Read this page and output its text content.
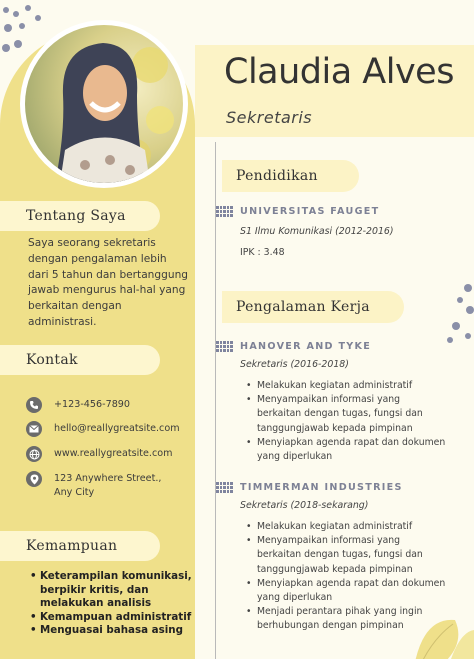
Claudia Alves
Sekretaris
Tentang Saya
Saya seorang sekretaris dengan pengalaman lebih dari 5 tahun dan bertanggung jawab mengurus hal-hal yang berkaitan dengan administrasi.
Kontak
+123-456-7890
hello@reallygreatsite.com
www.reallygreatsite.com
123 Anywhere Street., Any City
Kemampuan
• Keterampilan komunikasi, berpikir kritis, dan melakukan analisis
• Kemampuan administratif
• Menguasai bahasa asing
Pendidikan
UNIVERSITAS FAUGET
S1 Ilmu Komunikasi (2012-2016)
IPK : 3.48
Pengalaman Kerja
HANOVER AND TYKE
Sekretaris (2016-2018)
• Melakukan kegiatan administratif
• Menyampaikan informasi yang berkaitan dengan tugas, fungsi dan tanggungjawab kepada pimpinan
• Menyiapkan agenda rapat dan dokumen yang diperlukan
TIMMERMAN INDUSTRIES
Sekretaris (2018-sekarang)
• Melakukan kegiatan administratif
• Menyampaikan informasi yang berkaitan dengan tugas, fungsi dan tanggungjawab kepada pimpinan
• Menyiapkan agenda rapat dan dokumen yang diperlukan
• Menjadi perantara pihak yang ingin berhubungan dengan pimpinan
